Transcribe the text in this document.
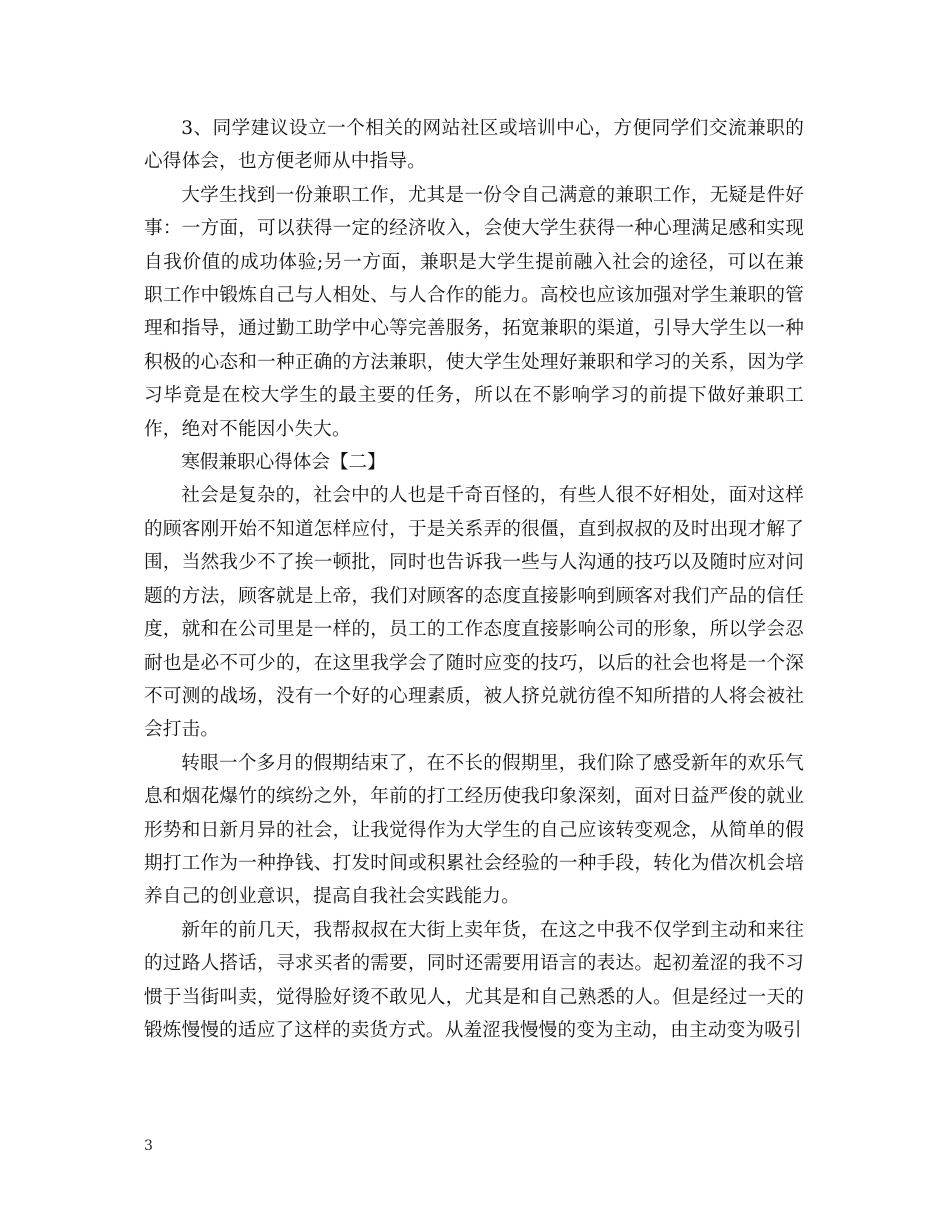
3、同学建议设立一个相关的网站社区或培训中心，方便同学们交流兼职的心得体会，也方便老师从中指导。

大学生找到一份兼职工作，尤其是一份令自己满意的兼职工作，无疑是件好事：一方面，可以获得一定的经济收入，会使大学生获得一种心理满足感和实现自我价值的成功体验;另一方面，兼职是大学生提前融入社会的途径，可以在兼职工作中锻炼自己与人相处、与人合作的能力。高校也应该加强对学生兼职的管理和指导，通过勤工助学中心等完善服务，拓宽兼职的渠道，引导大学生以一种积极的心态和一种正确的方法兼职，使大学生处理好兼职和学习的关系，因为学习毕竟是在校大学生的最主要的任务，所以在不影响学习的前提下做好兼职工作，绝对不能因小失大。

寒假兼职心得体会【二】

社会是复杂的，社会中的人也是千奇百怪的，有些人很不好相处，面对这样的顾客刚开始不知道怎样应付，于是关系弄的很僵，直到叔叔的及时出现才解了围，当然我少不了挨一顿批，同时也告诉我一些与人沟通的技巧以及随时应对问题的方法，顾客就是上帝，我们对顾客的态度直接影响到顾客对我们产品的信任度，就和在公司里是一样的，员工的工作态度直接影响公司的形象，所以学会忍耐也是必不可少的，在这里我学会了随时应变的技巧，以后的社会也将是一个深不可测的战场，没有一个好的心理素质，被人挤兑就彷徨不知所措的人将会被社会打击。

转眼一个多月的假期结束了，在不长的假期里，我们除了感受新年的欢乐气息和烟花爆竹的缤纷之外，年前的打工经历使我印象深刻，面对日益严俊的就业形势和日新月异的社会，让我觉得作为大学生的自己应该转变观念，从简单的假期打工作为一种挣钱、打发时间或积累社会经验的一种手段，转化为借次机会培养自己的创业意识，提高自我社会实践能力。

新年的前几天，我帮叔叔在大街上卖年货，在这之中我不仅学到主动和来往的过路人搭话，寻求买者的需要，同时还需要用语言的表达。起初羞涩的我不习惯于当街叫卖，觉得脸好烫不敢见人，尤其是和自己熟悉的人。但是经过一天的锻炼慢慢的适应了这样的卖货方式。从羞涩我慢慢的变为主动，由主动变为吸引

3
